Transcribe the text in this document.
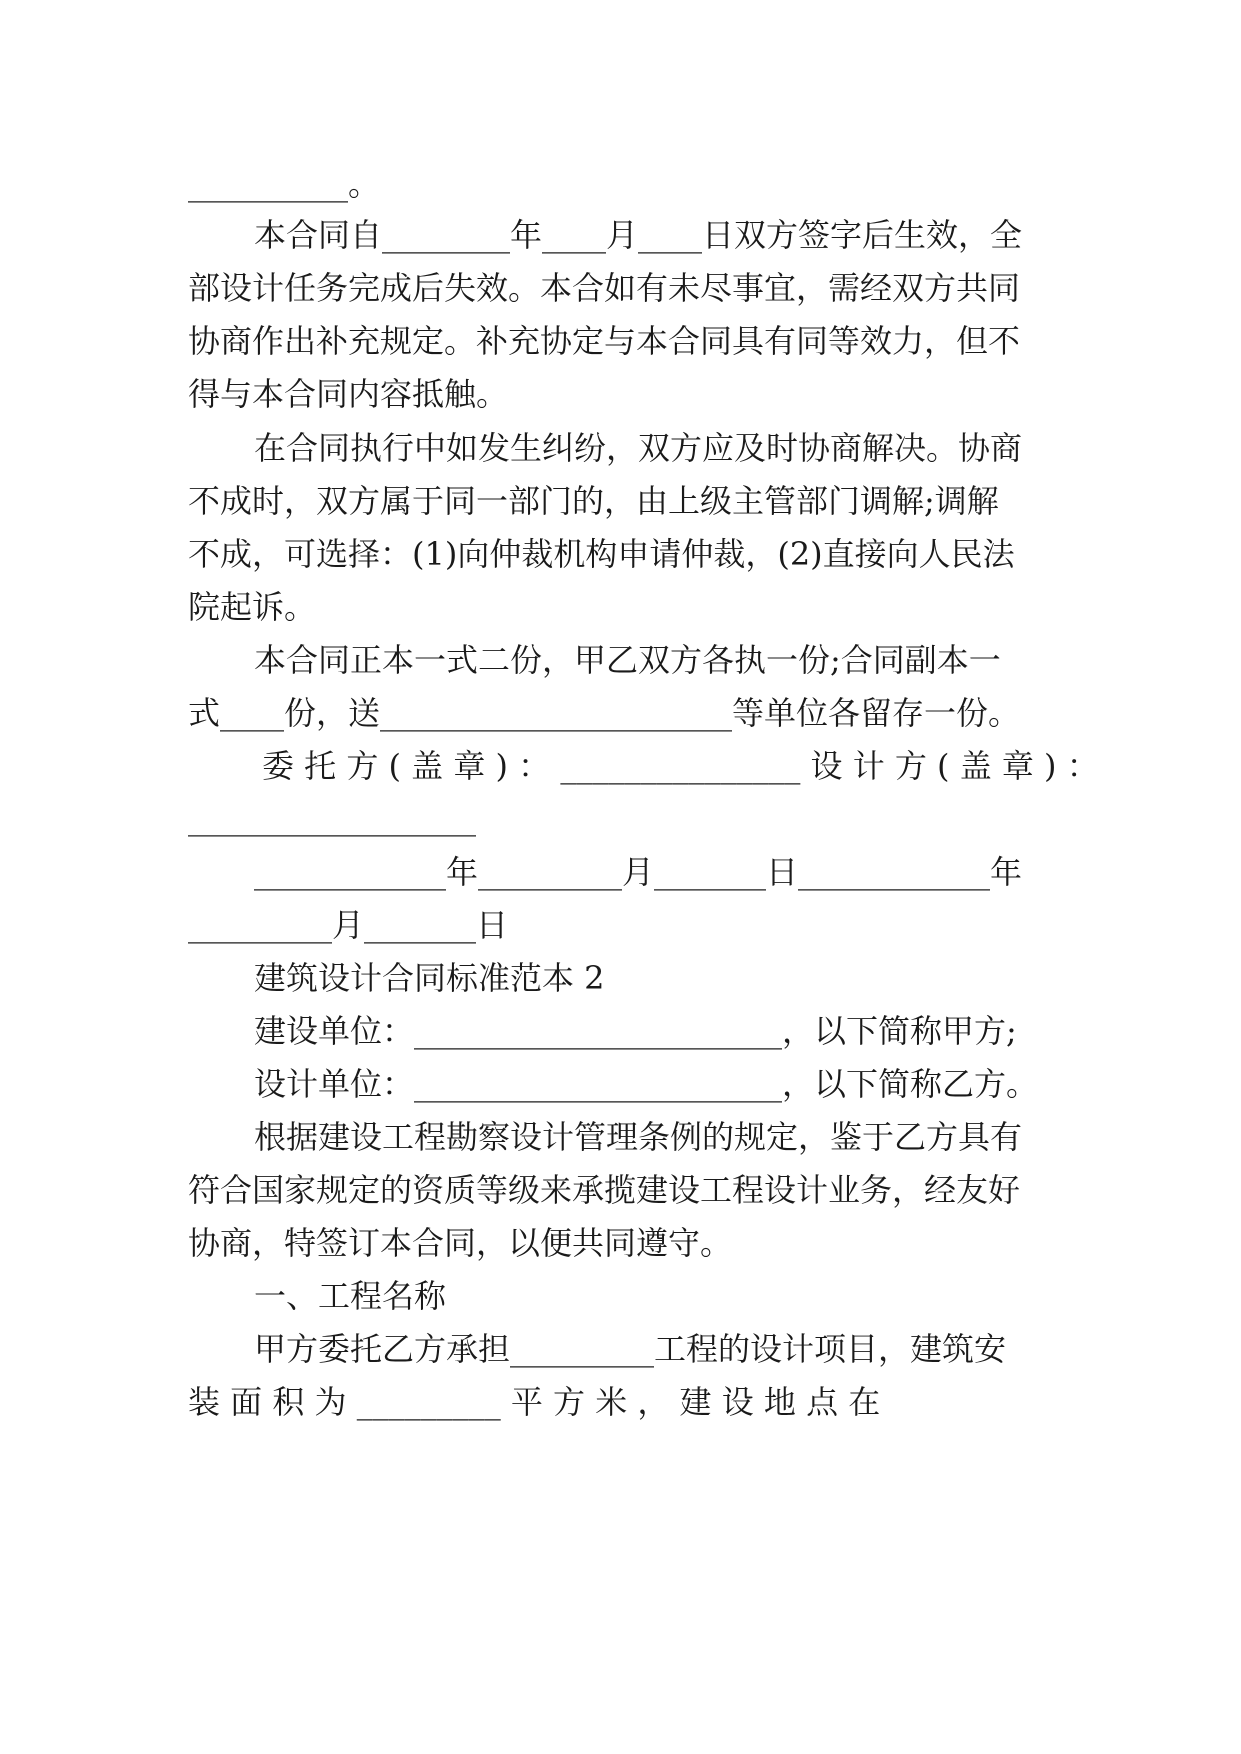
__________。
本合同自________年____月____日双方签字后生效，全
部设计任务完成后失效。本合如有未尽事宜，需经双方共同
协商作出补充规定。补充协定与本合同具有同等效力，但不
得与本合同内容抵触。
在合同执行中如发生纠纷，双方应及时协商解决。协商
不成时，双方属于同一部门的，由上级主管部门调解;调解
不成，可选择：(1)向仲裁机构申请仲裁，(2)直接向人民法
院起诉。
本合同正本一式二份，甲乙双方各执一份;合同副本一
式____份，送______________________等单位各留存一份。
委 托 方 ( 盖 章 ) ： _______________ 设 计 方 ( 盖 章 ) ：
__________________
____________年_________月_______日____________年
_________月_______日
建筑设计合同标准范本 2
建设单位：_______________________，以下简称甲方;
设计单位：_______________________，以下简称乙方。
根据建设工程勘察设计管理条例的规定，鉴于乙方具有
符合国家规定的资质等级来承揽建设工程设计业务，经友好
协商，特签订本合同，以便共同遵守。
一、工程名称
甲方委托乙方承担_________工程的设计项目，建筑安
装 面 积 为 _________ 平 方 米 ， 建 设 地 点 在
